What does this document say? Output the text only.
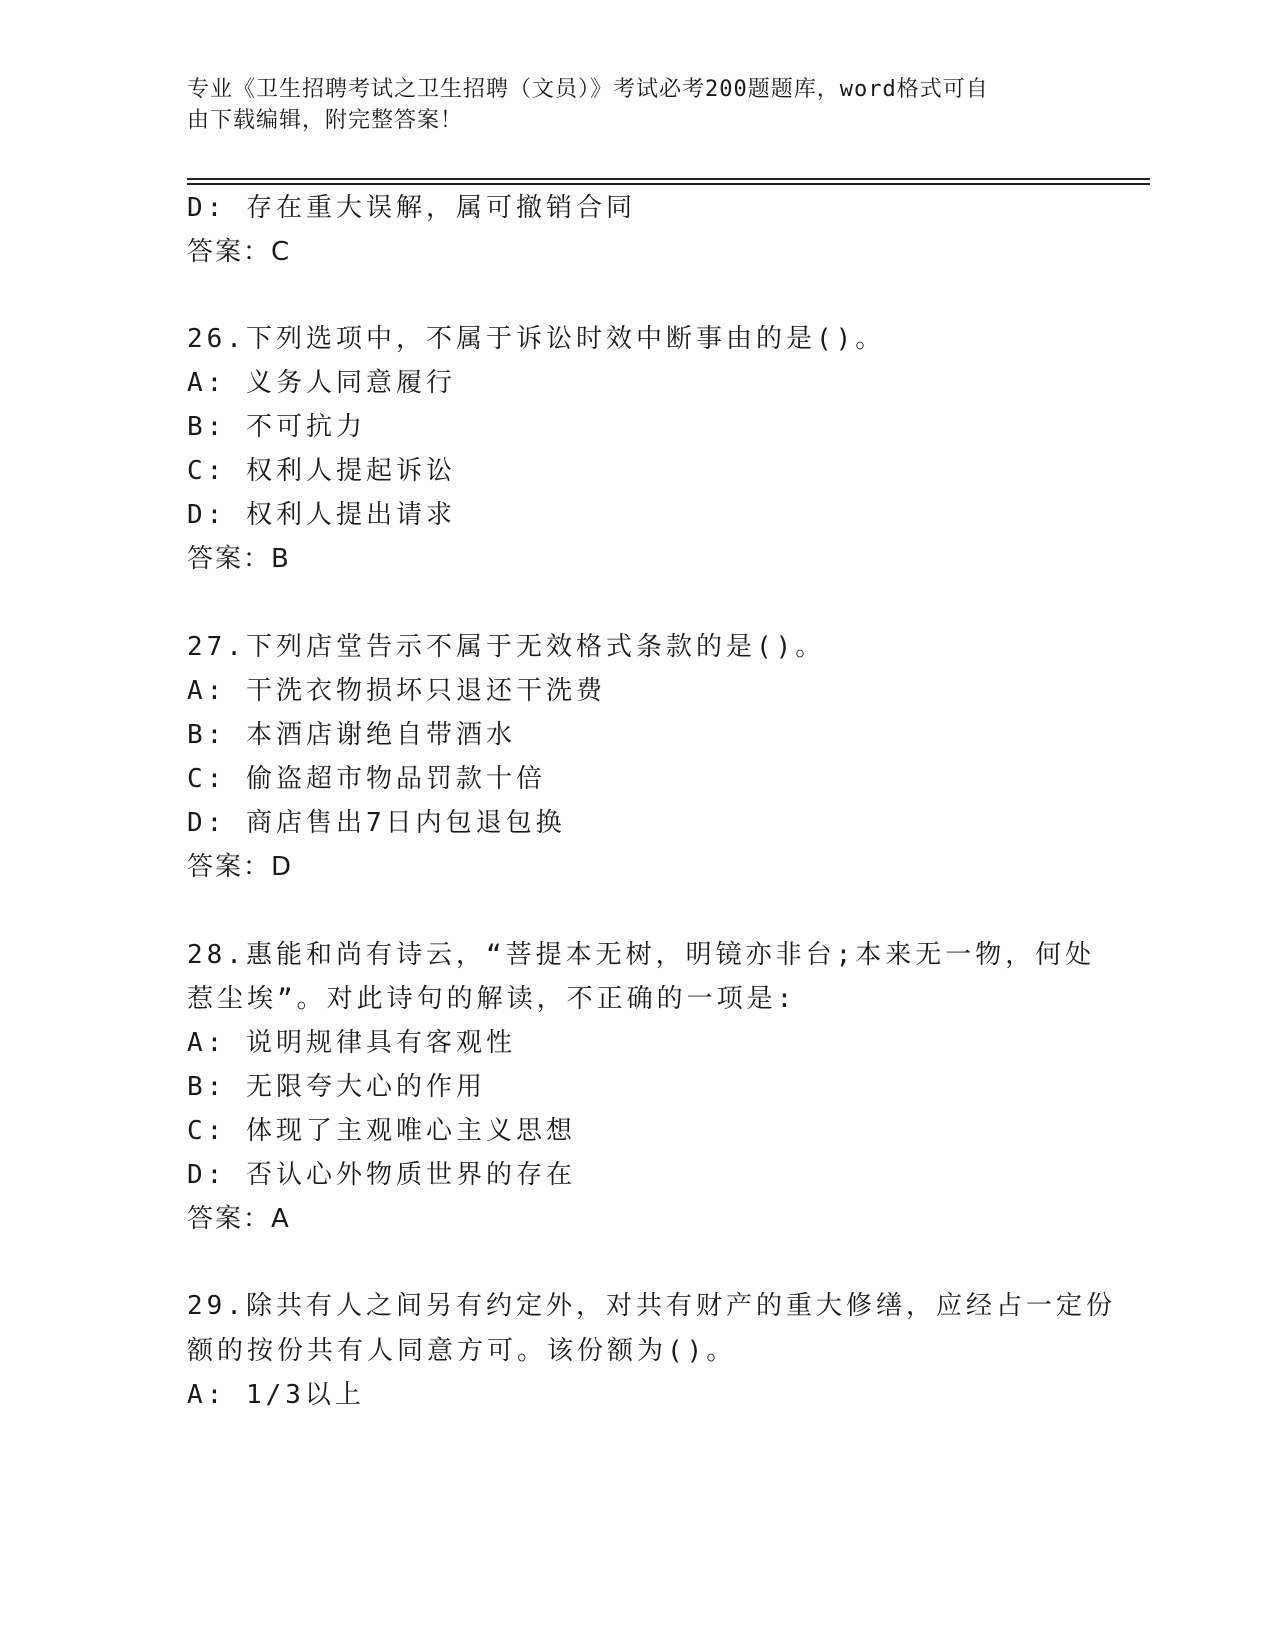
专业《卫生招聘考试之卫生招聘（文员）》考试必考200题题库，word格式可自
由下载编辑，附完整答案！
D: 存在重大误解，属可撤销合同
答案：C
26.下列选项中，不属于诉讼时效中断事由的是()。
A: 义务人同意履行
B: 不可抗力
C: 权利人提起诉讼
D: 权利人提出请求
答案：B
27.下列店堂告示不属于无效格式条款的是()。
A: 干洗衣物损坏只退还干洗费
B: 本酒店谢绝自带酒水
C: 偷盗超市物品罚款十倍
D: 商店售出7日内包退包换
答案：D
28.惠能和尚有诗云，“菩提本无树，明镜亦非台;本来无一物，何处
惹尘埃”。对此诗句的解读，不正确的一项是:
A: 说明规律具有客观性
B: 无限夸大心的作用
C: 体现了主观唯心主义思想
D: 否认心外物质世界的存在
答案：A
29.除共有人之间另有约定外，对共有财产的重大修缮，应经占一定份
额的按份共有人同意方可。该份额为()。
A: 1/3以上
